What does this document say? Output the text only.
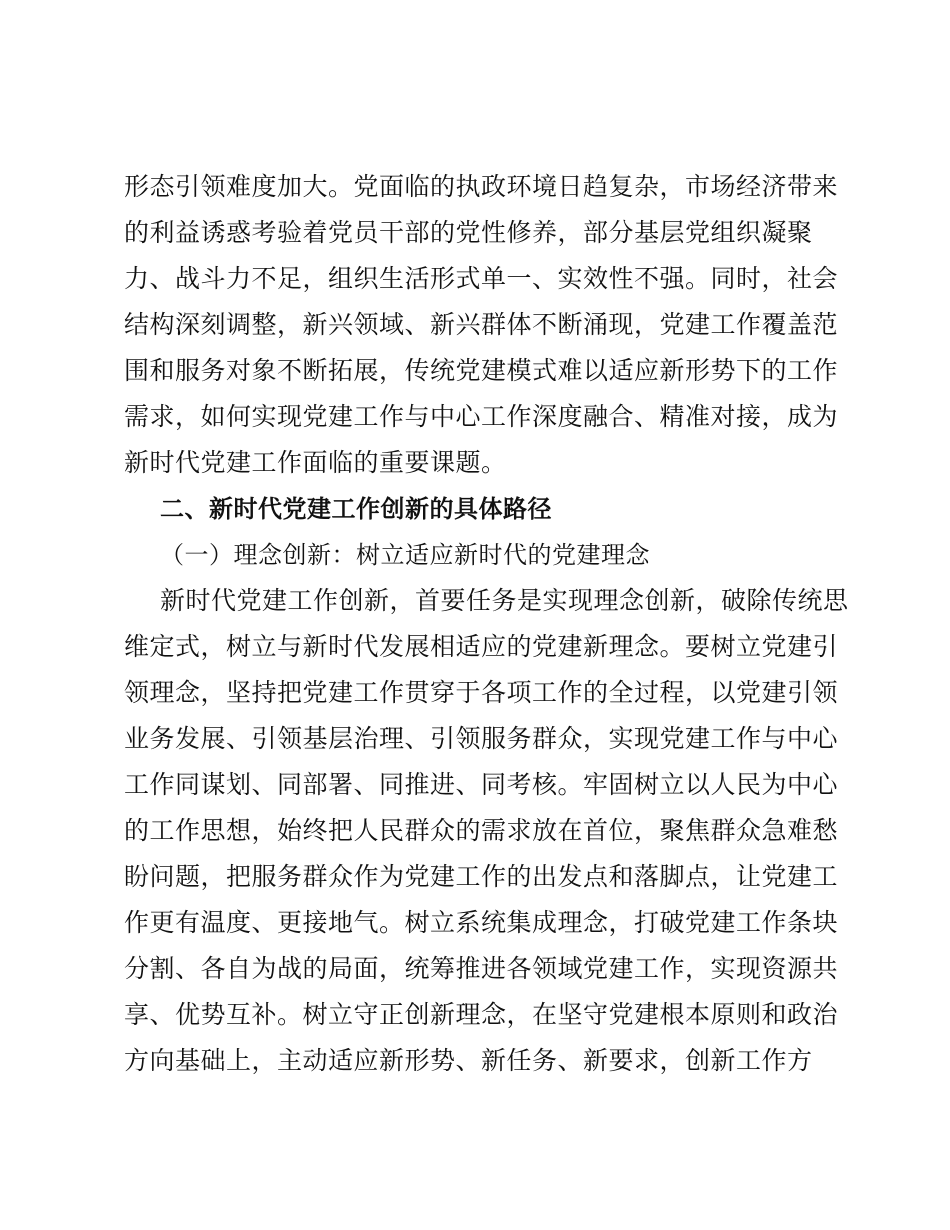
形态引领难度加大。党面临的执政环境日趋复杂，市场经济带来
的利益诱惑考验着党员干部的党性修养，部分基层党组织凝聚
力、战斗力不足，组织生活形式单一、实效性不强。同时，社会
结构深刻调整，新兴领域、新兴群体不断涌现，党建工作覆盖范
围和服务对象不断拓展，传统党建模式难以适应新形势下的工作
需求，如何实现党建工作与中心工作深度融合、精准对接，成为
新时代党建工作面临的重要课题。
二、新时代党建工作创新的具体路径
（一）理念创新：树立适应新时代的党建理念
新时代党建工作创新，首要任务是实现理念创新，破除传统思
维定式，树立与新时代发展相适应的党建新理念。要树立党建引
领理念，坚持把党建工作贯穿于各项工作的全过程，以党建引领
业务发展、引领基层治理、引领服务群众，实现党建工作与中心
工作同谋划、同部署、同推进、同考核。牢固树立以人民为中心
的工作思想，始终把人民群众的需求放在首位，聚焦群众急难愁
盼问题，把服务群众作为党建工作的出发点和落脚点，让党建工
作更有温度、更接地气。树立系统集成理念，打破党建工作条块
分割、各自为战的局面，统筹推进各领域党建工作，实现资源共
享、优势互补。树立守正创新理念，在坚守党建根本原则和政治
方向基础上，主动适应新形势、新任务、新要求，创新工作方
